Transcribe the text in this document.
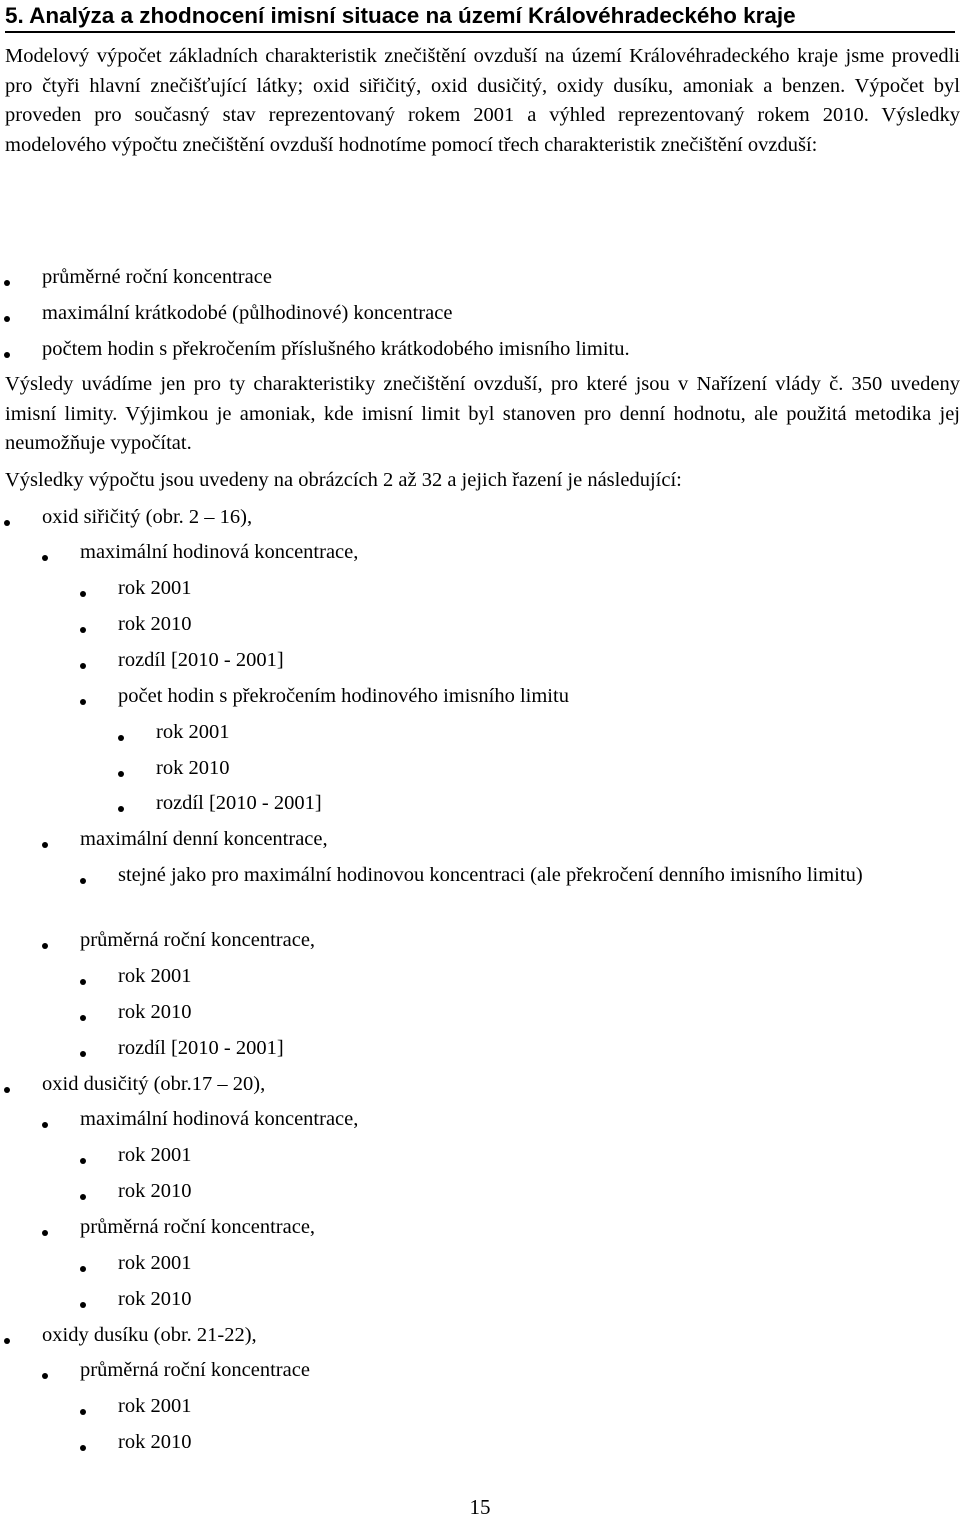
5. Analýza a zhodnocení imisní situace na území Královéhradeckého kraje
Modelový výpočet základních charakteristik znečištění ovzduší na území Královéhradeckého kraje jsme provedli pro čtyři hlavní znečišťující látky; oxid siřičitý, oxid dusičitý, oxidy dusíku, amoniak a benzen. Výpočet byl proveden pro současný stav reprezentovaný rokem 2001 a výhled reprezentovaný rokem 2010. Výsledky modelového výpočtu znečištění ovzduší hodnotíme pomocí třech charakteristik znečištění ovzduší:
průměrné roční koncentrace
maximální krátkodobé (půlhodinové) koncentrace
počtem hodin s překročením příslušného krátkodobého imisního limitu.
Výsledy uvádíme jen pro ty charakteristiky znečištění ovzduší, pro které jsou v Nařízení vlády č. 350 uvedeny imisní limity. Výjimkou je amoniak, kde imisní limit byl stanoven pro denní hodnotu, ale použitá metodika jej neumožňuje vypočítat.
Výsledky výpočtu jsou uvedeny na obrázcích 2 až 32 a jejich řazení je následující:
oxid siřičitý (obr. 2 – 16),
maximální hodinová koncentrace,
rok 2001
rok 2010
rozdíl [2010 - 2001]
počet hodin s překročením hodinového imisního limitu
rok 2001
rok 2010
rozdíl [2010 - 2001]
maximální denní koncentrace,
stejné jako pro maximální hodinovou koncentraci (ale překročení denního imisního limitu)
průměrná roční koncentrace,
rok 2001
rok 2010
rozdíl [2010 - 2001]
oxid dusičitý (obr.17 – 20),
maximální hodinová koncentrace,
rok 2001
rok 2010
průměrná roční koncentrace,
rok 2001
rok 2010
oxidy dusíku (obr. 21-22),
průměrná roční koncentrace
rok 2001
rok 2010
15
